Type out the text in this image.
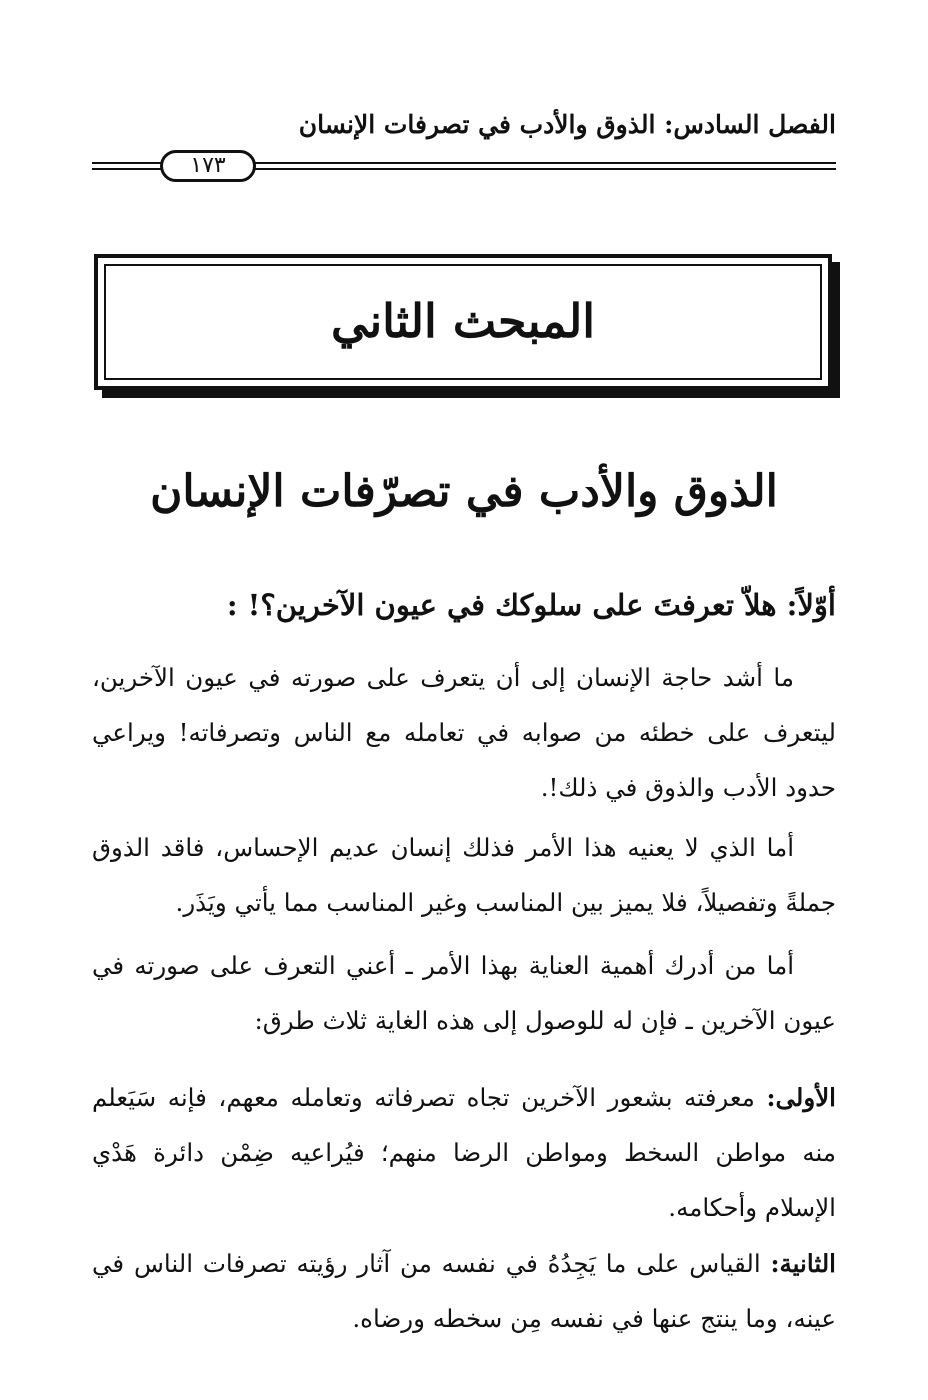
الفصل السادس: الذوق والأدب في تصرفات الإنسان
١٧٣
المبحث الثاني
الذوق والأدب في تصرّفات الإنسان
أوّلاً: هلاّ تعرفتَ على سلوكك في عيون الآخرين؟! :

ما أشد حاجة الإنسان إلى أن يتعرف على صورته في عيون الآخرين، ليتعرف على خطئه من صوابه في تعامله مع الناس وتصرفاته! ويراعي حدود الأدب والذوق في ذلك!.

أما الذي لا يعنيه هذا الأمر فذلك إنسان عديم الإحساس، فاقد الذوق جملةً وتفصيلاً، فلا يميز بين المناسب وغير المناسب مما يأتي ويَذَر.

أما من أدرك أهمية العناية بهذا الأمر ـ أعني التعرف على صورته في عيون الآخرين ـ فإن له للوصول إلى هذه الغاية ثلاث طرق:

الأولى: معرفته بشعور الآخرين تجاه تصرفاته وتعامله معهم، فإنه سَيَعلم منه مواطن السخط ومواطن الرضا منهم؛ فيُراعيه ضِمْن دائرة هَدْي الإسلام وأحكامه.

الثانية: القياس على ما يَجِدُهُ في نفسه من آثار رؤيته تصرفات الناس في عينه، وما ينتج عنها في نفسه مِن سخطه ورضاه.
